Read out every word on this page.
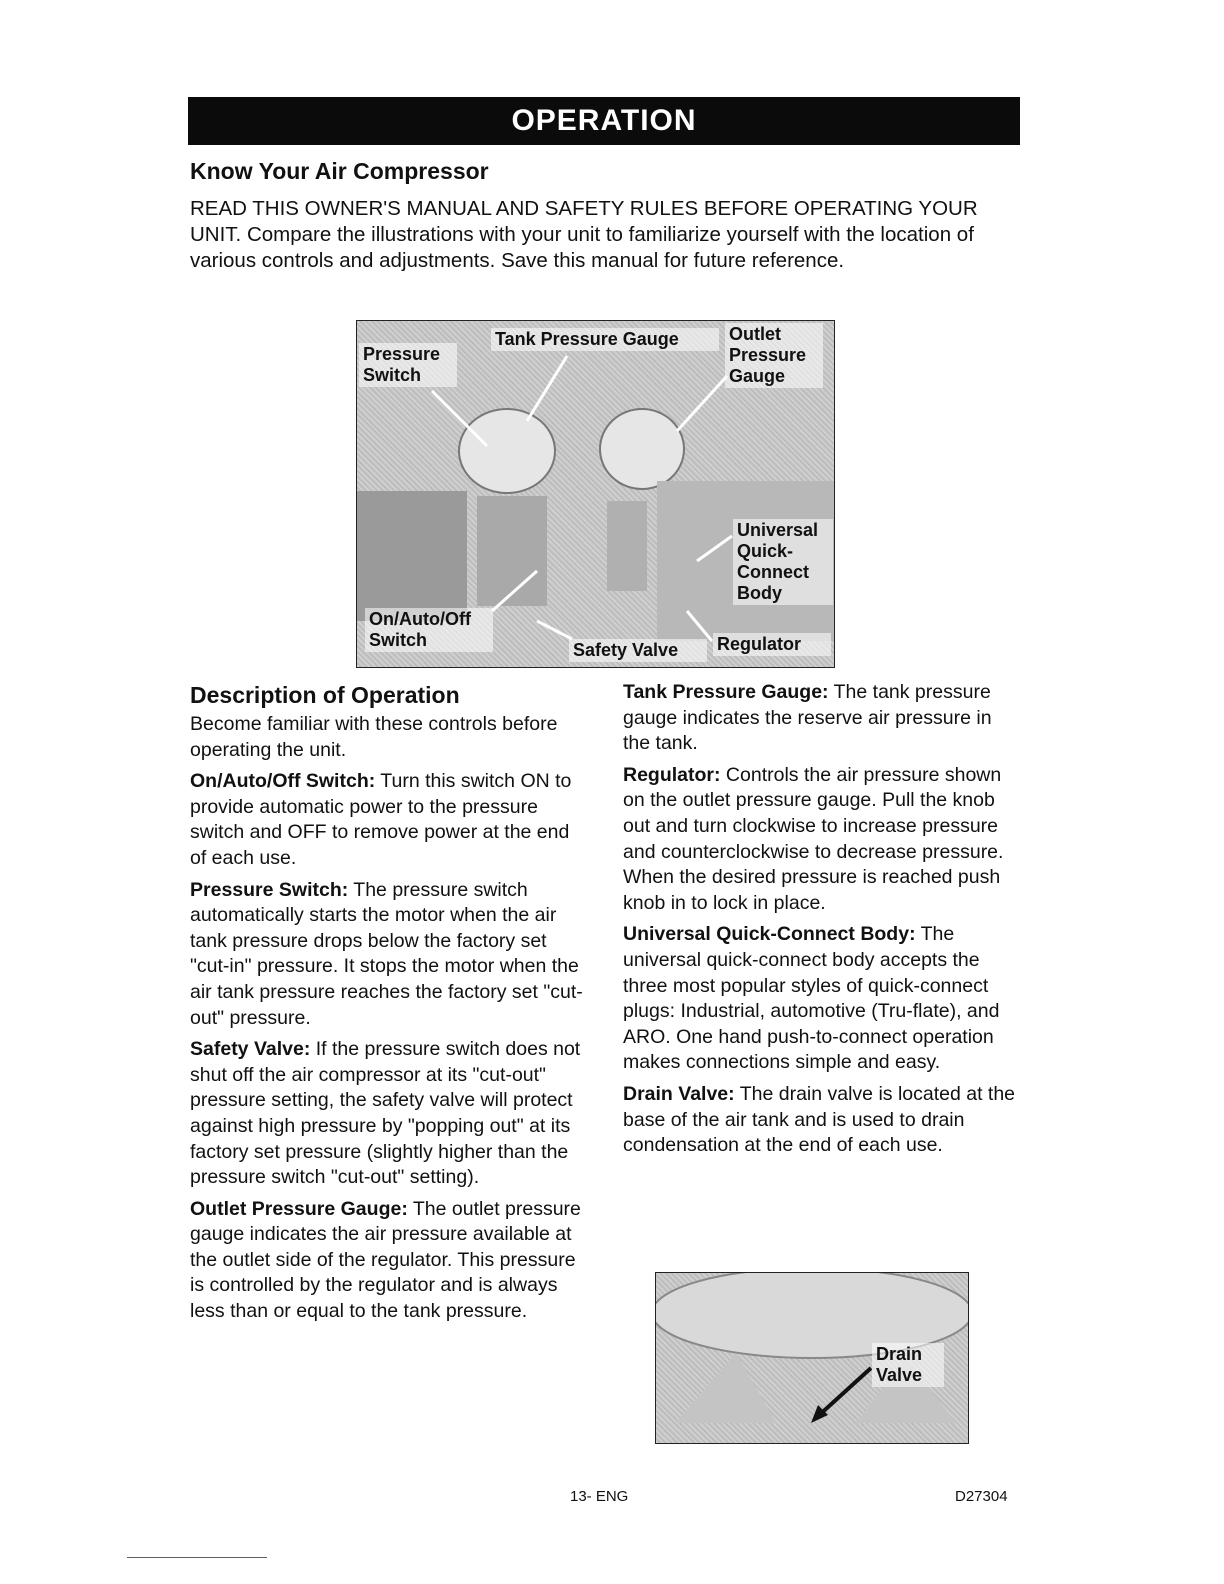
OPERATION
Know Your Air Compressor
READ THIS OWNER'S MANUAL AND SAFETY RULES BEFORE OPERATING YOUR UNIT. Compare the illustrations with your unit to familiarize yourself with the location of various controls and adjustments. Save this manual for future reference.
Tank Pressure Gauge
Pressure Switch
Outlet Pressure Gauge
Universal Quick-Connect Body
On/Auto/Off Switch	Safety Valve	Regulator
Description of Operation

Become familiar with these controls before operating the unit.

On/Auto/Off Switch: Turn this switch ON to provide automatic power to the pressure switch and OFF to remove power at the end of each use.

Pressure Switch: The pressure switch automatically starts the motor when the air tank pressure drops below the factory set "cut-in" pressure. It stops the motor when the air tank pressure reaches the factory set "cut-out" pressure.

Safety Valve: If the pressure switch does not shut off the air compressor at its "cut-out" pressure setting, the safety valve will protect against high pressure by "popping out" at its factory set pressure (slightly higher than the pressure switch "cut-out" setting).

Outlet Pressure Gauge: The outlet pressure gauge indicates the air pressure available at the outlet side of the regulator. This pressure is controlled by the regulator and is always less than or equal to the tank pressure.

Tank Pressure Gauge: The tank pressure gauge indicates the reserve air pressure in the tank.

Regulator: Controls the air pressure shown on the outlet pressure gauge. Pull the knob out and turn clockwise to increase pressure and counterclockwise to decrease pressure. When the desired pressure is reached push knob in to lock in place.

Universal Quick-Connect Body: The universal quick-connect body accepts the three most popular styles of quick-connect plugs: Industrial, automotive (Tru-flate), and ARO. One hand push-to-connect operation makes connections simple and easy.

Drain Valve: The drain valve is located at the base of the air tank and is used to drain condensation at the end of each use.

Drain Valve
13- ENG	D27304
